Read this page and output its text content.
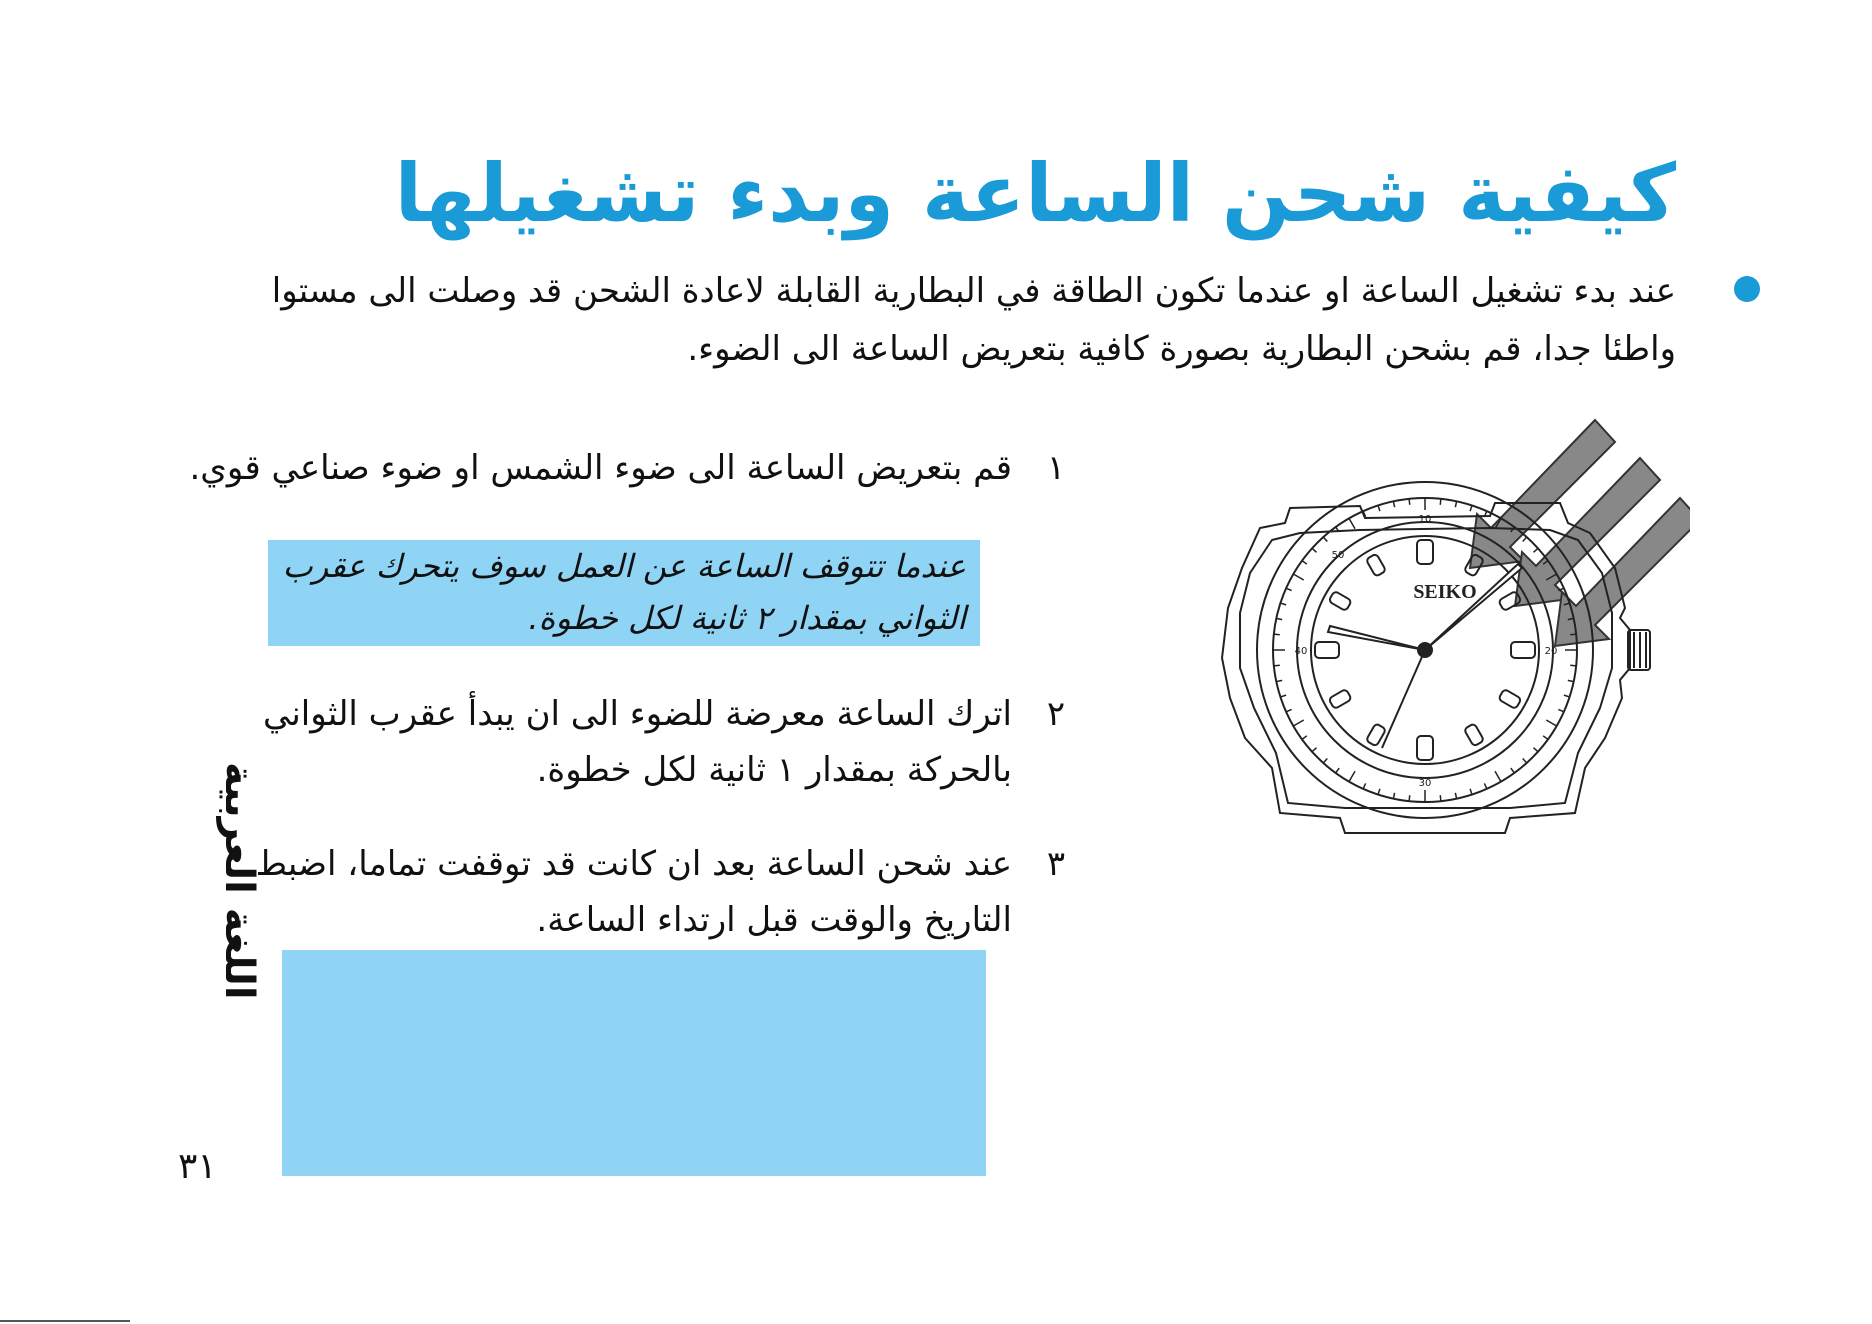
كيفية شحن الساعة وبدء تشغيلها
عند بدء تشغيل الساعة او عندما تكون الطاقة في البطارية القابلة لاعادة الشحن قد وصلت الى مستوا واطئا جدا، قم بشحن البطارية بصورة كافية بتعريض الساعة الى الضوء.
١
قم بتعريض الساعة الى ضوء الشمس او ضوء صناعي قوي.
عندما تتوقف الساعة عن العمل سوف يتحرك عقرب الثواني بمقدار ٢ ثانية لكل خطوة.
٢
اترك الساعة معرضة للضوء الى ان يبدأ عقرب الثواني بالحركة بمقدار ١ ثانية لكل خطوة.
٣
عند شحن الساعة بعد ان كانت قد توقفت تماما، اضبط التاريخ والوقت قبل ارتداء الساعة.
اللغة العربية
٣١
10
20
30
40
50
SEIKO
